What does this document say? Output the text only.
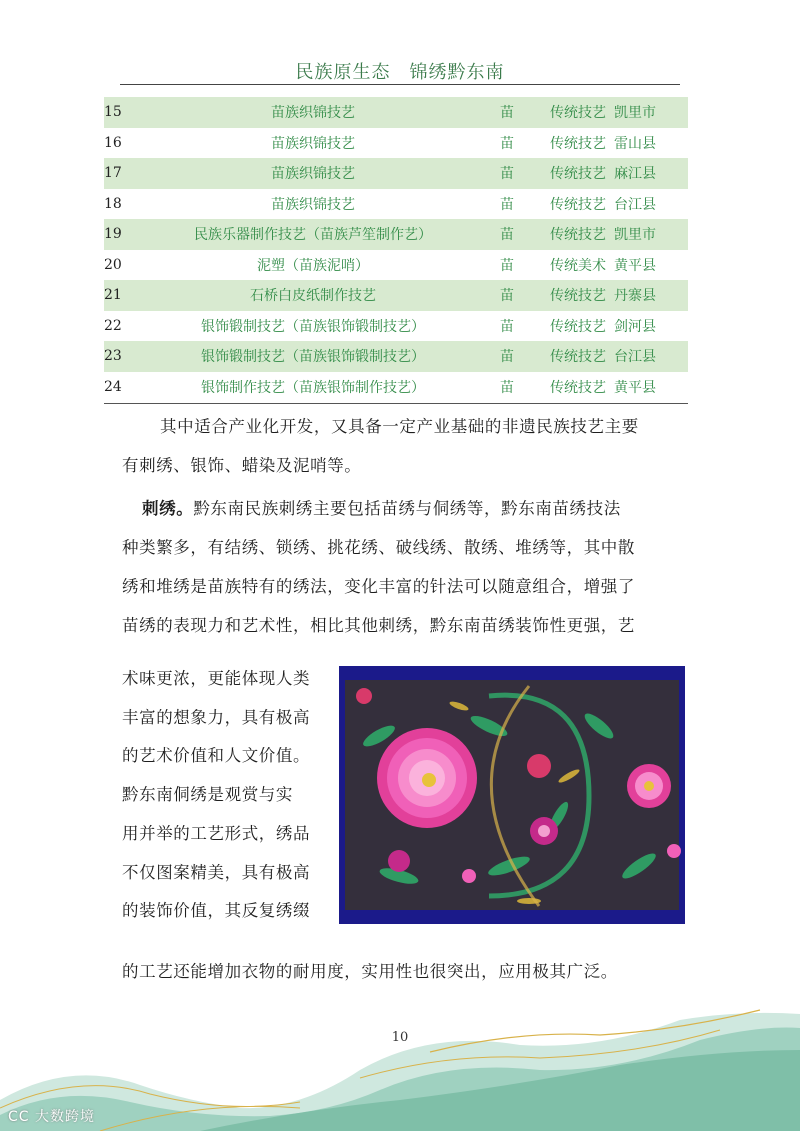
民族原生态　锦绣黔东南
15	苗族织锦技艺	苗	传统技艺	凯里市
16	苗族织锦技艺	苗	传统技艺	雷山县
17	苗族织锦技艺	苗	传统技艺	麻江县
18	苗族织锦技艺	苗	传统技艺	台江县
19	民族乐器制作技艺（苗族芦笙制作艺）	苗	传统技艺	凯里市
20	泥塑（苗族泥哨）	苗	传统美术	黄平县
21	石桥白皮纸制作技艺	苗	传统技艺	丹寨县
22	银饰锻制技艺（苗族银饰锻制技艺）	苗	传统技艺	剑河县
23	银饰锻制技艺（苗族银饰锻制技艺）	苗	传统技艺	台江县
24	银饰制作技艺（苗族银饰制作技艺）	苗	传统技艺	黄平县
其中适合产业化开发，又具备一定产业基础的非遗民族技艺主要
有刺绣、银饰、蜡染及泥哨等。
刺绣。黔东南民族刺绣主要包括苗绣与侗绣等，黔东南苗绣技法
种类繁多，有结绣、锁绣、挑花绣、破线绣、散绣、堆绣等，其中散
绣和堆绣是苗族特有的绣法，变化丰富的针法可以随意组合，增强了
苗绣的表现力和艺术性，相比其他刺绣，黔东南苗绣装饰性更强，艺
术味更浓，更能体现人类
丰富的想象力，具有极高
的艺术价值和人文价值。
黔东南侗绣是观赏与实
用并举的工艺形式，绣品
不仅图案精美，具有极高
的装饰价值，其反复绣缀
的工艺还能增加衣物的耐用度，实用性也很突出，应用极其广泛。
10
CC 大数跨境
